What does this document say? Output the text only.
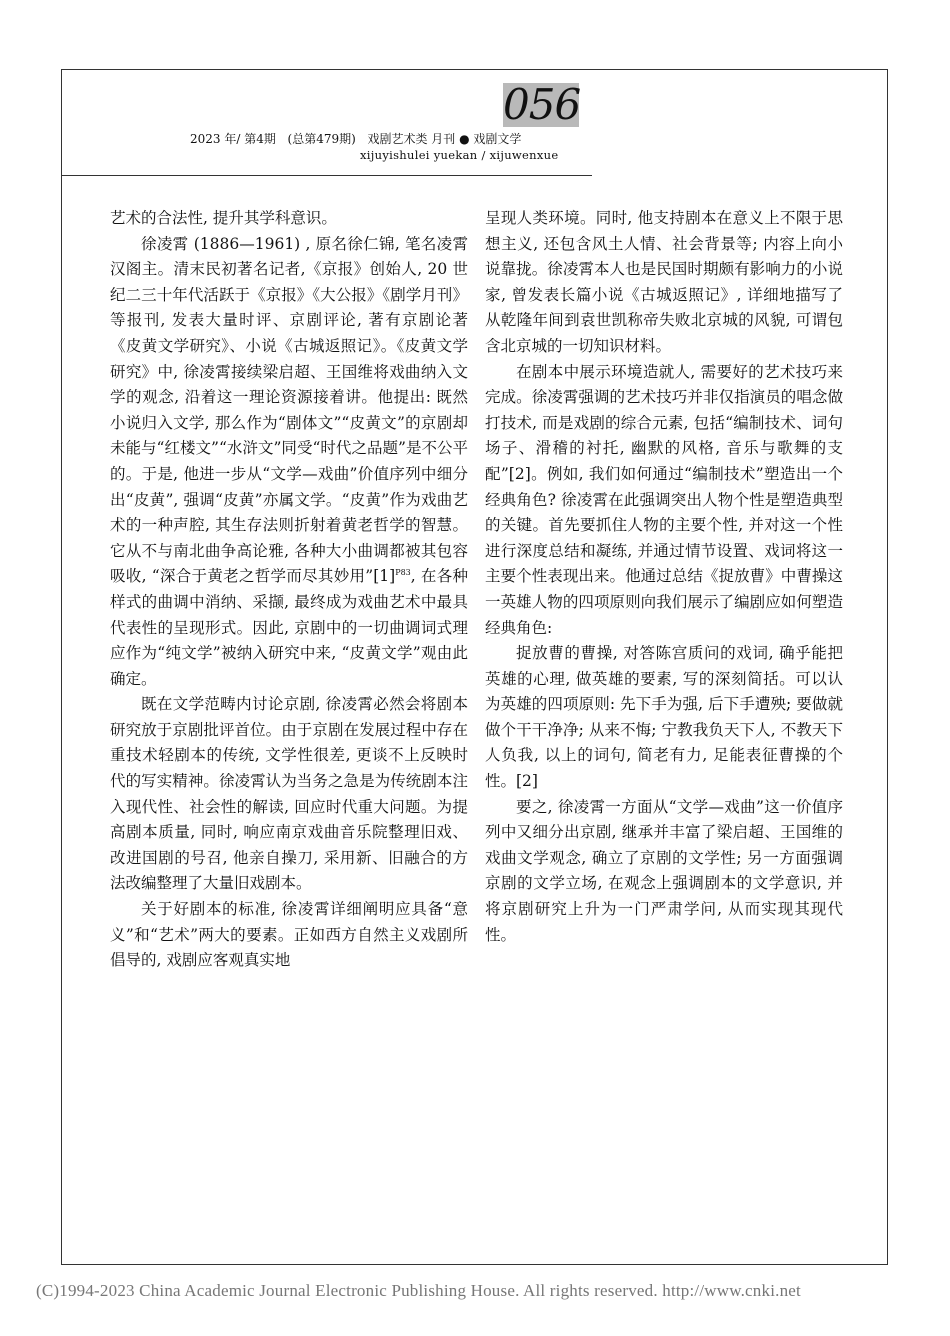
056
2023 年/ 第4期 (总第479期) 戏剧艺术类 月刊 ● 戏剧文学
xijuyishulei yuekan / xijuwenxue

艺术的合法性, 提升其学科意识。

徐凌霄 (1886—1961) , 原名徐仁锦, 笔名凌霄汉阁主。清末民初著名记者,《京报》创始人, 20 世纪二三十年代活跃于《京报》《大公报》《剧学月刊》等报刊, 发表大量时评、京剧评论, 著有京剧论著《皮黄文学研究》、小说《古城返照记》。《皮黄文学研究》中, 徐凌霄接续梁启超、王国维将戏曲纳入文学的观念, 沿着这一理论资源接着讲。他提出: 既然小说归入文学, 那么作为“剧体文”“皮黄文”的京剧却未能与“红楼文”“水浒文”同受“时代之品题”是不公平的。于是, 他进一步从“文学—戏曲”价值序列中细分出“皮黄”, 强调“皮黄”亦属文学。“皮黄”作为戏曲艺术的一种声腔, 其生存法则折射着黄老哲学的智慧。它从不与南北曲争高论雅, 各种大小曲调都被其包容吸收, “深合于黄老之哲学而尽其妙用$”[1]^{P83}$, 在各种样式的曲调中消纳、采撷, 最终成为戏曲艺术中最具代表性的呈现形式。因此, 京剧中的一切曲调词式理应作为“纯文学”被纳入研究中来, “皮黄文学”观由此确定。

既在文学范畴内讨论京剧, 徐凌霄必然会将剧本研究放于京剧批评首位。由于京剧在发展过程中存在重技术轻剧本的传统, 文学性很差, 更谈不上反映时代的写实精神。徐凌霄认为当务之急是为传统剧本注入现代性、社会性的解读, 回应时代重大问题。为提高剧本质量, 同时, 响应南京戏曲音乐院整理旧戏、改进国剧的号召, 他亲自操刀, 采用新、旧融合的方法改编整理了大量旧戏剧本。

关于好剧本的标准, 徐凌霄详细阐明应具备“意义”和“艺术”两大的要素。正如西方自然主义戏剧所倡导的, 戏剧应客观真实地

呈现人类环境。同时, 他支持剧本在意义上不限于思想主义, 还包含风土人情、社会背景等; 内容上向小说靠拢。徐凌霄本人也是民国时期颇有影响力的小说家, 曾发表长篇小说《古城返照记》, 详细地描写了从乾隆年间到袁世凯称帝失败北京城的风貌, 可谓包含北京城的一切知识材料。

在剧本中展示环境造就人, 需要好的艺术技巧来完成。徐凌霄强调的艺术技巧并非仅指演员的唱念做打技术, 而是戏剧的综合元素, 包括“编制技术、词句场子、滑稽的衬托, 幽默的风格, 音乐与歌舞的支配”[2]。例如, 我们如何通过“编制技术”塑造出一个经典角色? 徐凌霄在此强调突出人物个性是塑造典型的关键。首先要抓住人物的主要个性, 并对这一个性进行深度总结和凝练, 并通过情节设置、戏词将这一主要个性表现出来。他通过总结《捉放曹》中曹操这一英雄人物的四项原则向我们展示了编剧应如何塑造经典角色:

捉放曹的曹操, 对答陈宫质问的戏词, 确乎能把英雄的心理, 做英雄的要素, 写的深刻简括。可以认为英雄的四项原则: 先下手为强, 后下手遭殃; 要做就做个干干净净; 从来不悔; 宁教我负天下人, 不教天下人负我, 以上的词句, 简老有力, 足能表征曹操的个性。[2]

要之, 徐凌霄一方面从“文学—戏曲”这一价值序列中又细分出京剧, 继承并丰富了梁启超、王国维的戏曲文学观念, 确立了京剧的文学性; 另一方面强调京剧的文学立场, 在观念上强调剧本的文学意识, 并将京剧研究上升为一门严肃学问, 从而实现其现代性。

(C)1994-2023 China Academic Journal Electronic Publishing House. All rights reserved. http://www.cnki.net
